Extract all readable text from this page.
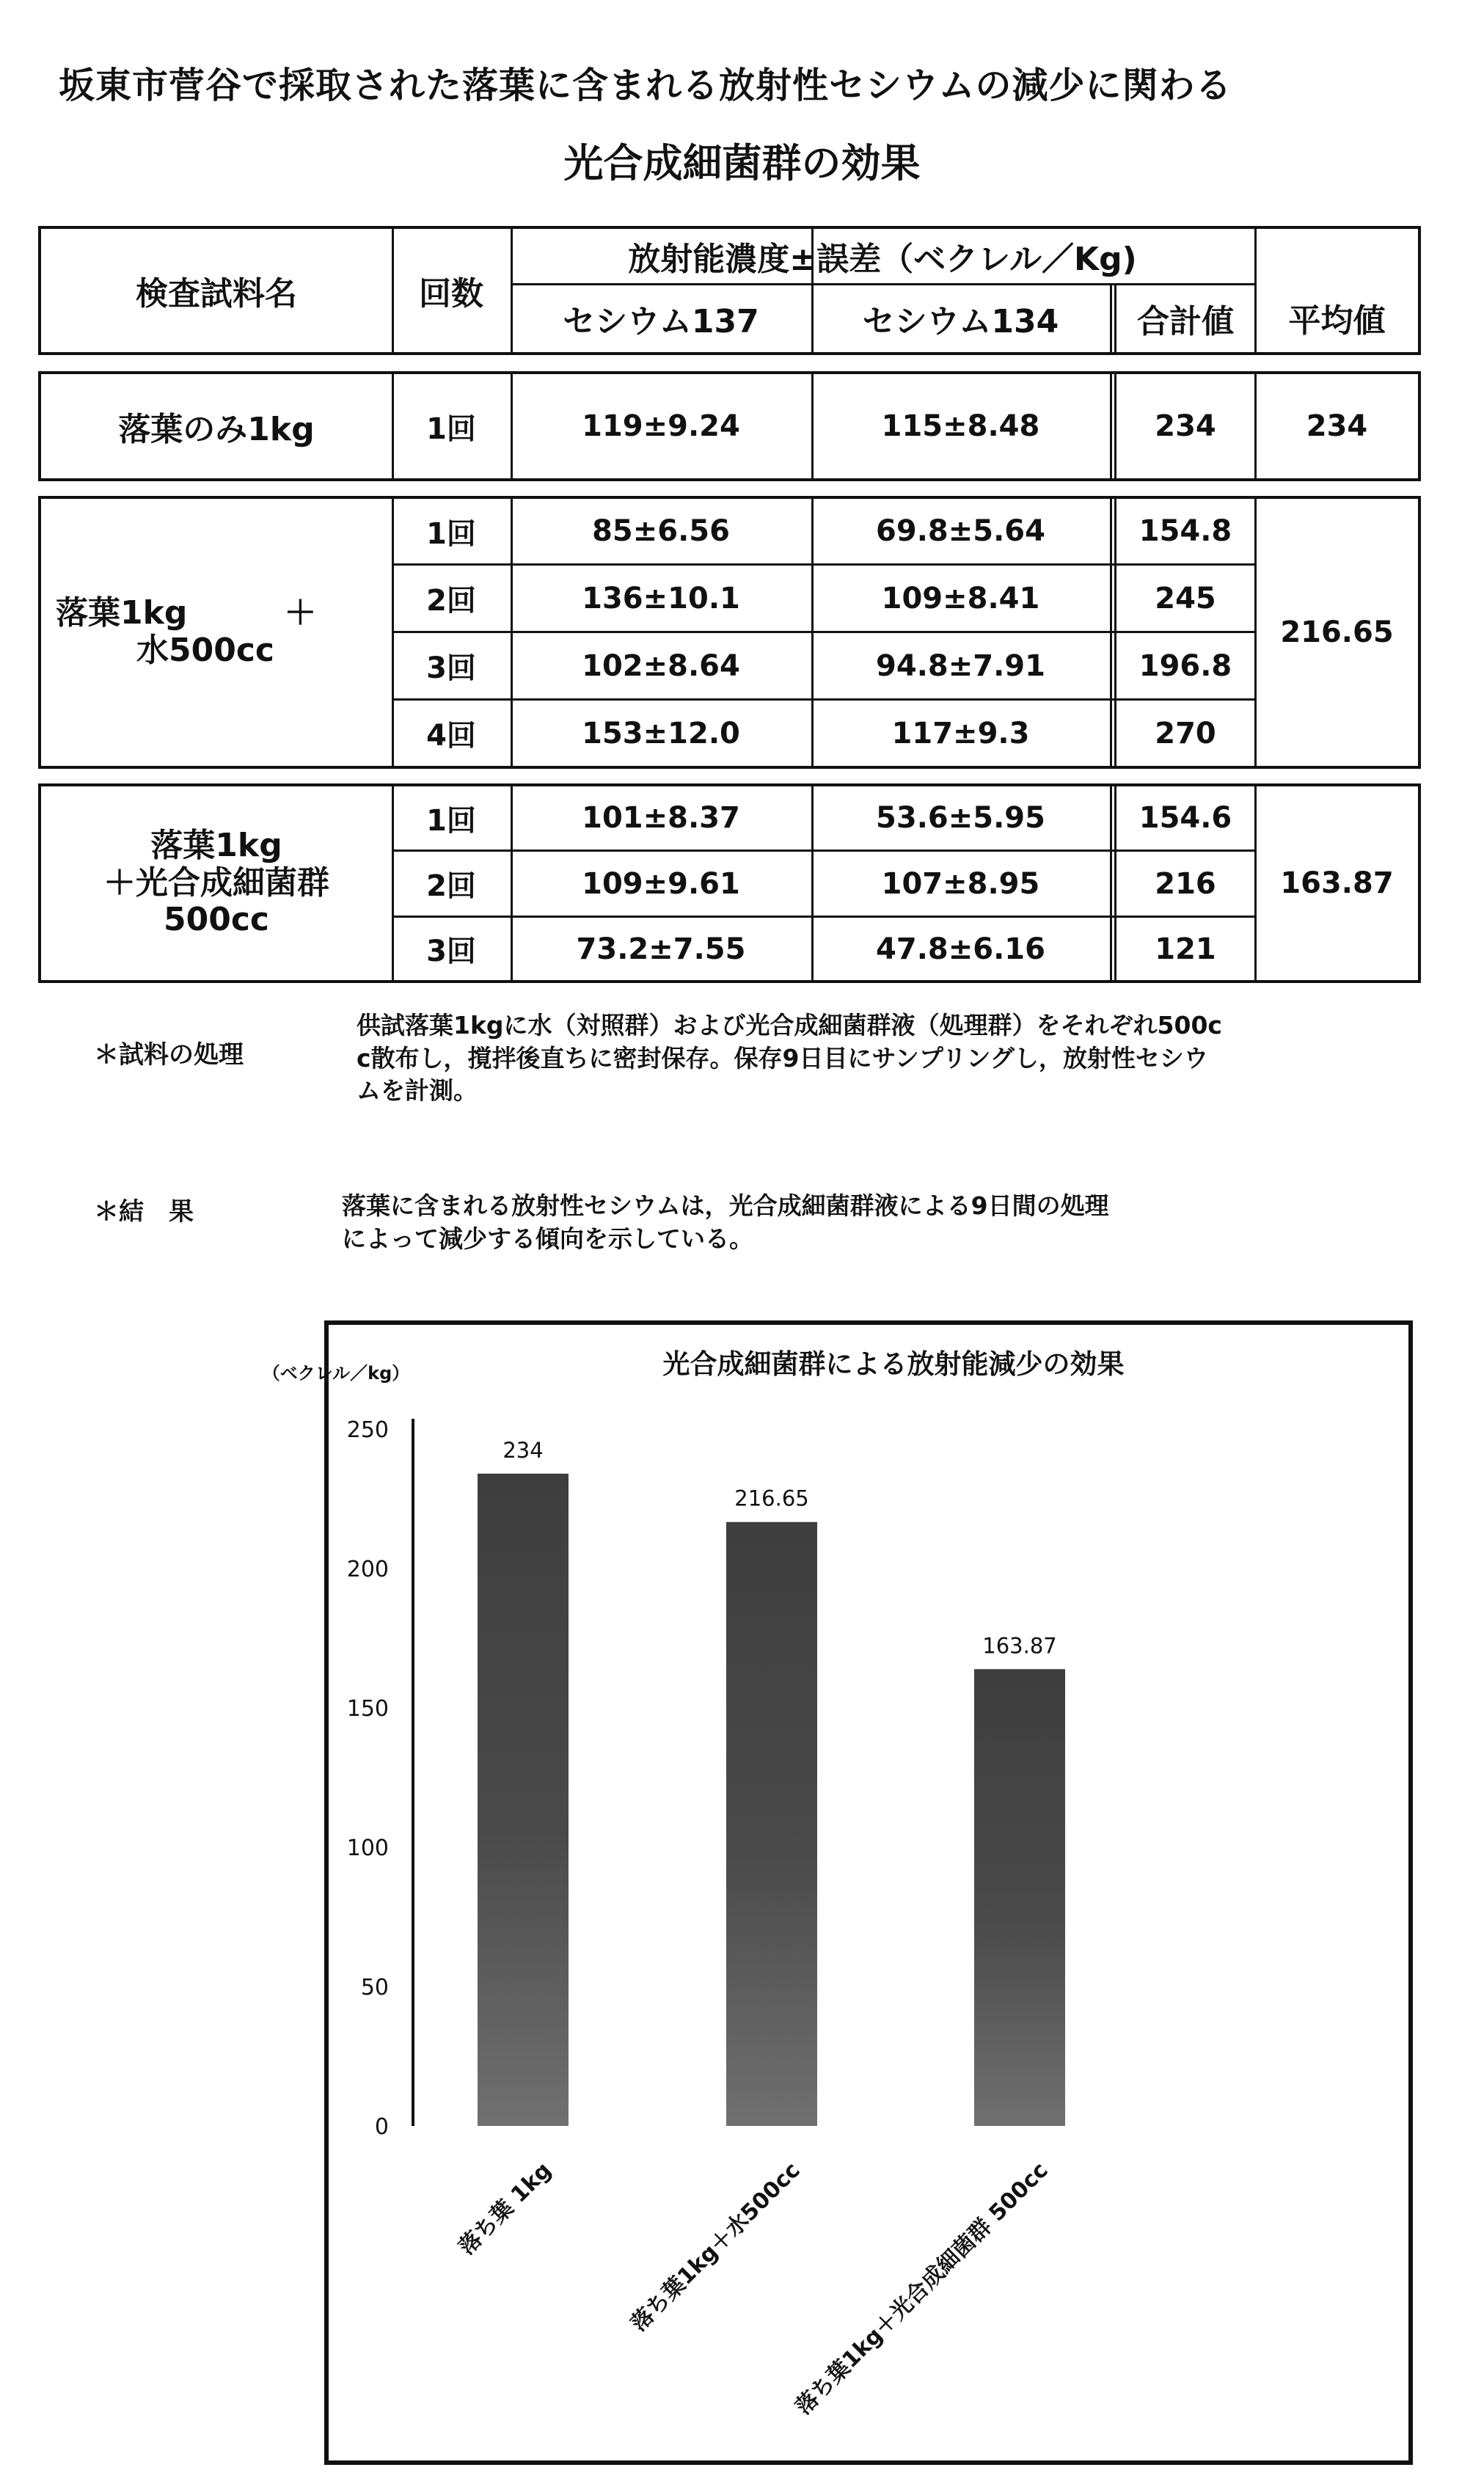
坂東市菅谷で採取された落葉に含まれる放射性セシウムの減少に関わる
光合成細菌群の効果
検査試料名	回数
放射能濃度±誤差（ベクレル／Kg)
セシウム137	セシウム134	合計値	平均値
落葉のみ1kg	1回	119±9.24	115±8.48	234	234
落葉1kg　　　＋
水500cc
1回	85±6.56	69.8±5.64	154.8
2回	136±10.1	109±8.41	245
3回	102±8.64	94.8±7.91	196.8
4回	153±12.0	117±9.3	270
216.65
落葉1kg
＋光合成細菌群
500cc
1回	101±8.37	53.6±5.95	154.6
2回	109±9.61	107±8.95	216
3回	73.2±7.55	47.8±6.16	121
163.87
＊試料の処理
供試落葉1kgに水（対照群）および光合成細菌群液（処理群）をそれぞれ500c
c散布し，撹拌後直ちに密封保存。保存9日目にサンプリングし，放射性セシウ
ムを計測。
＊結　果	落葉に含まれる放射性セシウムは，光合成細菌群液による9日間の処理
によって減少する傾向を示している。
光合成細菌群による放射能減少の効果
（ベクレル／kg）
0
50
100
150
200
250
234
落ち葉 1kg
216.65
落ち葉1kg＋水500cc
163.87
落ち葉1kg＋光合成細菌群 500cc
